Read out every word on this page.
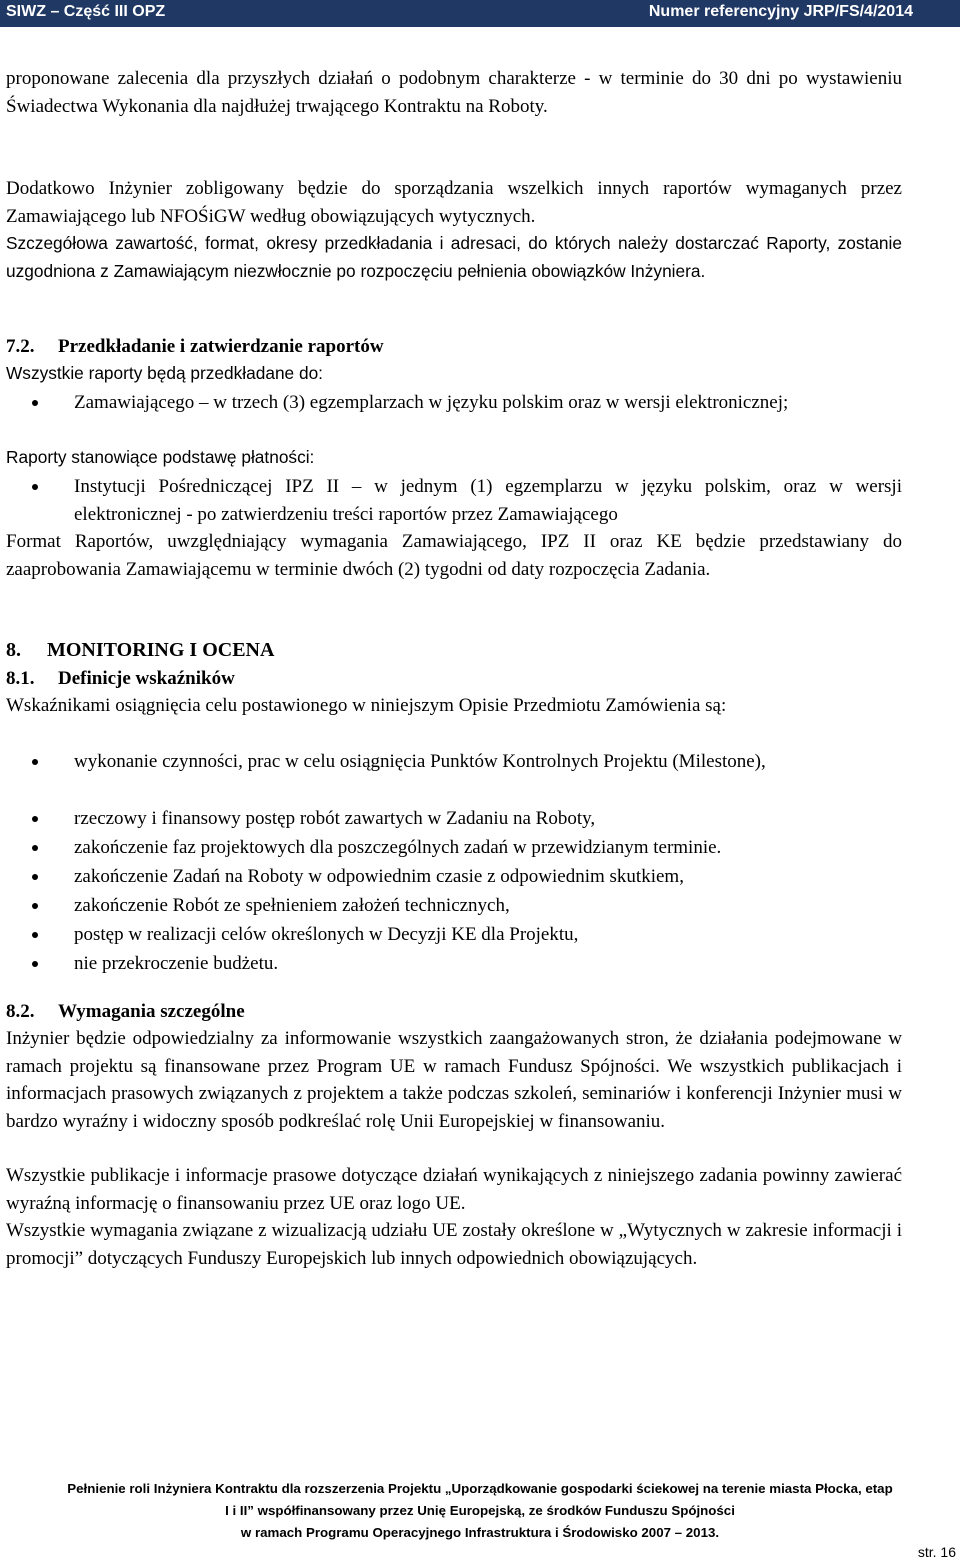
SIWZ – Część III OPZ	Numer referencyjny JRP/FS/4/2014
proponowane zalecenia dla przyszłych działań o podobnym charakterze - w terminie do 30 dni po wystawieniu Świadectwa Wykonania dla najdłużej trwającego Kontraktu na Roboty.
Dodatkowo Inżynier zobligowany będzie do sporządzania wszelkich innych raportów wymaganych przez Zamawiającego lub NFOŚiGW według obowiązujących wytycznych.
Szczegółowa zawartość, format, okresy przedkładania i adresaci, do których należy dostarczać Raporty, zostanie uzgodniona z Zamawiającym niezwłocznie po rozpoczęciu pełnienia obowiązków Inżyniera.
7.2. Przedkładanie i zatwierdzanie raportów
Wszystkie raporty będą przedkładane do:
Zamawiającego – w trzech (3) egzemplarzach w języku polskim oraz w wersji elektronicznej;
Raporty stanowiące podstawę płatności:
Instytucji Pośredniczącej IPZ II – w jednym (1) egzemplarzu w języku polskim, oraz w wersji elektronicznej - po zatwierdzeniu treści raportów przez Zamawiającego
Format Raportów, uwzględniający wymagania Zamawiającego, IPZ II oraz KE będzie przedstawiany do zaaprobowania Zamawiającemu w terminie dwóch (2) tygodni od daty rozpoczęcia Zadania.
8. MONITORING I OCENA
8.1. Definicje wskaźników
Wskaźnikami osiągnięcia celu postawionego w niniejszym Opisie Przedmiotu Zamówienia są:
wykonanie czynności, prac w celu osiągnięcia Punktów Kontrolnych Projektu (Milestone),
rzeczowy i finansowy postęp robót zawartych w Zadaniu na Roboty,
zakończenie faz projektowych dla poszczególnych zadań w przewidzianym terminie.
zakończenie Zadań na Roboty w odpowiednim czasie z odpowiednim skutkiem,
zakończenie Robót ze spełnieniem założeń technicznych,
postęp w realizacji celów określonych w Decyzji KE dla Projektu,
nie przekroczenie budżetu.
8.2. Wymagania szczególne
Inżynier będzie odpowiedzialny za informowanie wszystkich zaangażowanych stron, że działania podejmowane w ramach projektu są finansowane przez Program UE w ramach Fundusz Spójności. We wszystkich publikacjach i informacjach prasowych związanych z projektem a także podczas szkoleń, seminariów i konferencji Inżynier musi w bardzo wyraźny i widoczny sposób podkreślać rolę Unii Europejskiej w finansowaniu.
Wszystkie publikacje i informacje prasowe dotyczące działań wynikających z niniejszego zadania powinny zawierać wyraźną informację o finansowaniu przez UE oraz logo UE.
Wszystkie wymagania związane z wizualizacją udziału UE zostały określone w „Wytycznych w zakresie informacji i promocji” dotyczących Funduszy Europejskich lub innych odpowiednich obowiązujących.
Pełnienie roli Inżyniera Kontraktu dla rozszerzenia Projektu „Uporządkowanie gospodarki ściekowej na terenie miasta Płocka, etap
I i II” współfinansowany przez Unię Europejską, ze środków Funduszu Spójności
w ramach Programu Operacyjnego Infrastruktura i Środowisko 2007 – 2013.
str. 16
